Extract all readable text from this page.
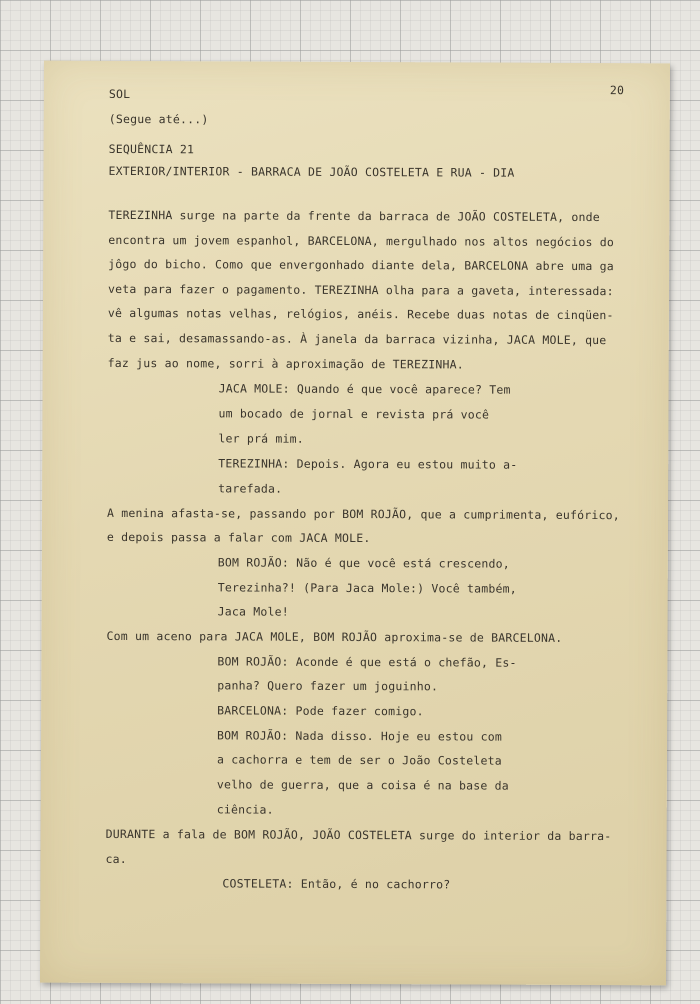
SOL	20
(Segue até...)
SEQUÊNCIA 21
EXTERIOR/INTERIOR - BARRACA DE JOÃO COSTELETA E RUA - DIA
TEREZINHA surge na parte da frente da barraca de JOÃO COSTELETA, onde
encontra um jovem espanhol, BARCELONA, mergulhado nos altos negócios do
jôgo do bicho. Como que envergonhado diante dela, BARCELONA abre uma ga
veta para fazer o pagamento. TEREZINHA olha para a gaveta, interessada:
vê algumas notas velhas, relógios, anéis. Recebe duas notas de cinqüen-
ta e sai, desamassando-as. À janela da barraca vizinha, JACA MOLE, que
faz jus ao nome, sorri à aproximação de TEREZINHA.
JACA MOLE: Quando é que você aparece? Tem
um bocado de jornal e revista prá você
ler prá mim.
TEREZINHA: Depois. Agora eu estou muito a-
tarefada.
A menina afasta-se, passando por BOM ROJÃO, que a cumprimenta, eufórico,
e depois passa a falar com JACA MOLE.
BOM ROJÃO: Não é que você está crescendo,
Terezinha?! (Para Jaca Mole:) Você também,
Jaca Mole!
Com um aceno para JACA MOLE, BOM ROJÃO aproxima-se de BARCELONA.
BOM ROJÃO: Aconde é que está o chefão, Es-
panha? Quero fazer um joguinho.
BARCELONA: Pode fazer comigo.
BOM ROJÃO: Nada disso. Hoje eu estou com
a cachorra e tem de ser o João Costeleta
velho de guerra, que a coisa é na base da
ciência.
DURANTE a fala de BOM ROJÃO, JOÃO COSTELETA surge do interior da barra-
ca.
COSTELETA: Então, é no cachorro?
